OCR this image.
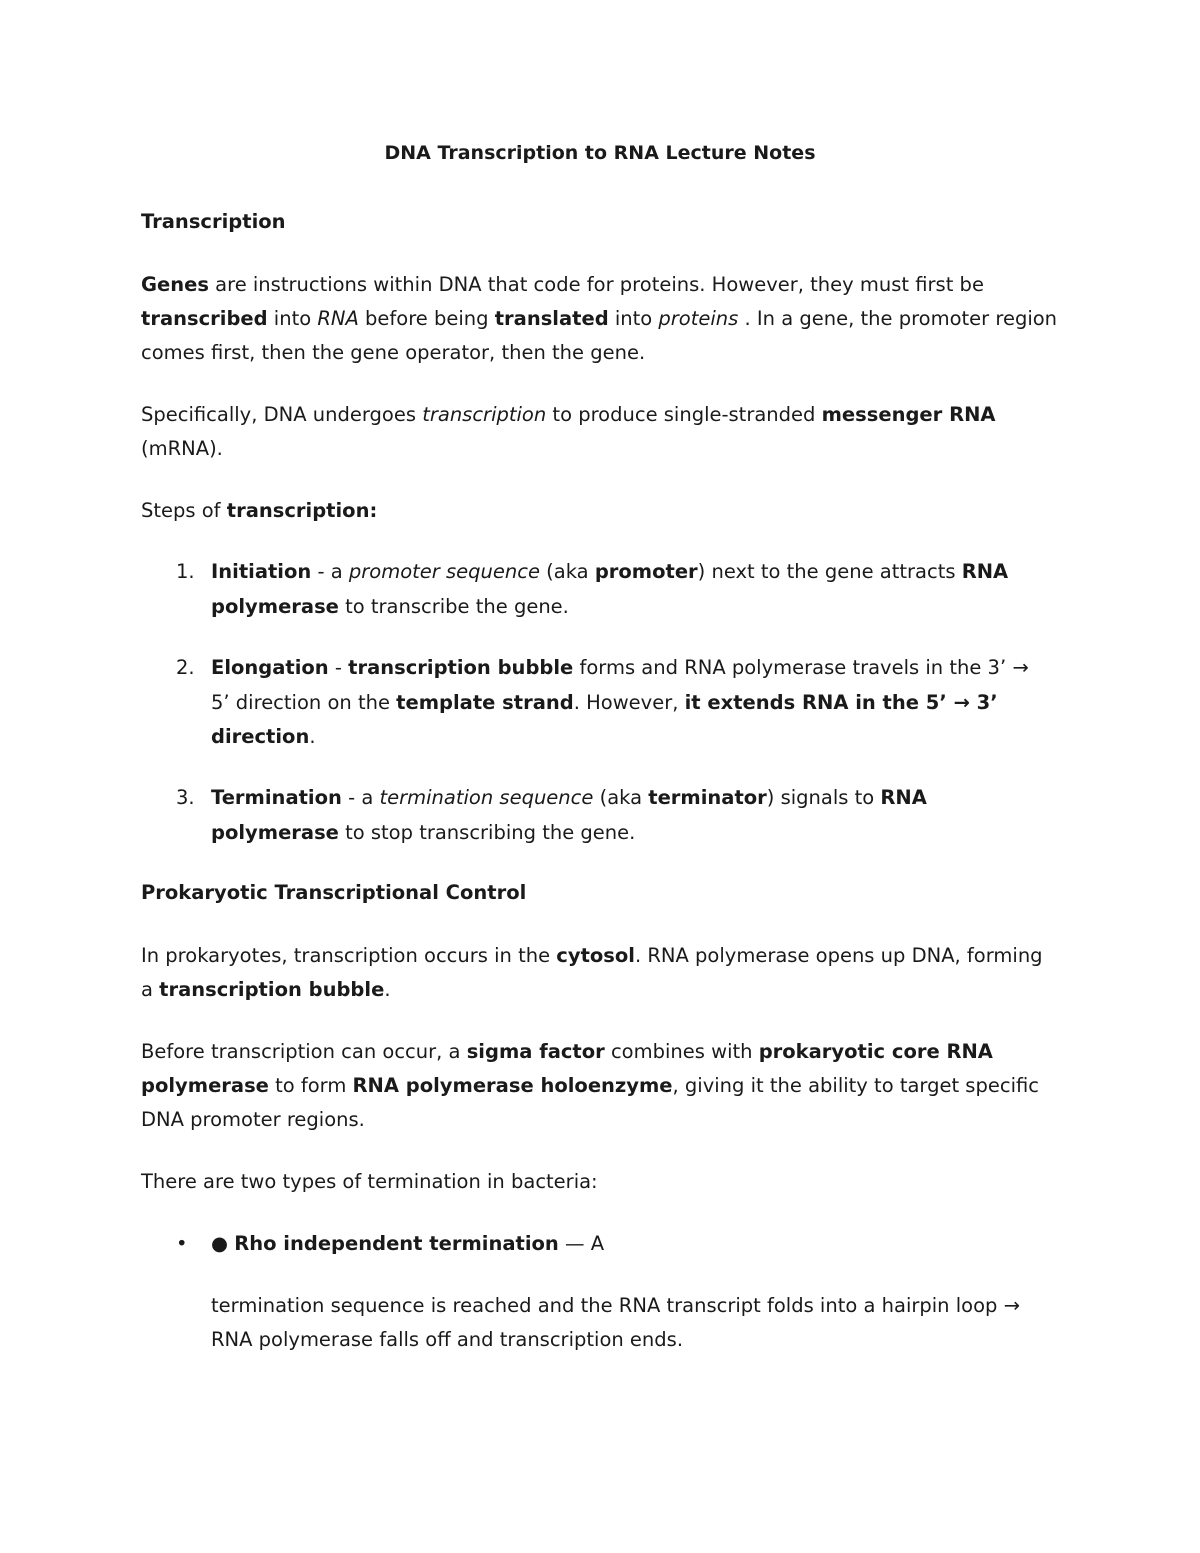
DNA Transcription to RNA Lecture Notes
Transcription
Genes are instructions within DNA that code for proteins. However, they must first be
transcribed into RNA before being translated into proteins . In a gene, the promoter region
comes first, then the gene operator, then the gene.
Specifically, DNA undergoes transcription to produce single-stranded messenger RNA
(mRNA).
Steps of transcription:
1. Initiation - a promoter sequence (aka promoter) next to the gene attracts RNA
polymerase to transcribe the gene.
2. Elongation - transcription bubble forms and RNA polymerase travels in the 3’ →
5’ direction on the template strand. However, it extends RNA in the 5’ → 3’
direction.
3. Termination - a termination sequence (aka terminator) signals to RNA
polymerase to stop transcribing the gene.
Prokaryotic Transcriptional Control
In prokaryotes, transcription occurs in the cytosol. RNA polymerase opens up DNA, forming
a transcription bubble.
Before transcription can occur, a sigma factor combines with prokaryotic core RNA
polymerase to form RNA polymerase holoenzyme, giving it the ability to target specific
DNA promoter regions.
There are two types of termination in bacteria:
• ● Rho independent termination — A
termination sequence is reached and the RNA transcript folds into a hairpin loop →
RNA polymerase falls off and transcription ends.
